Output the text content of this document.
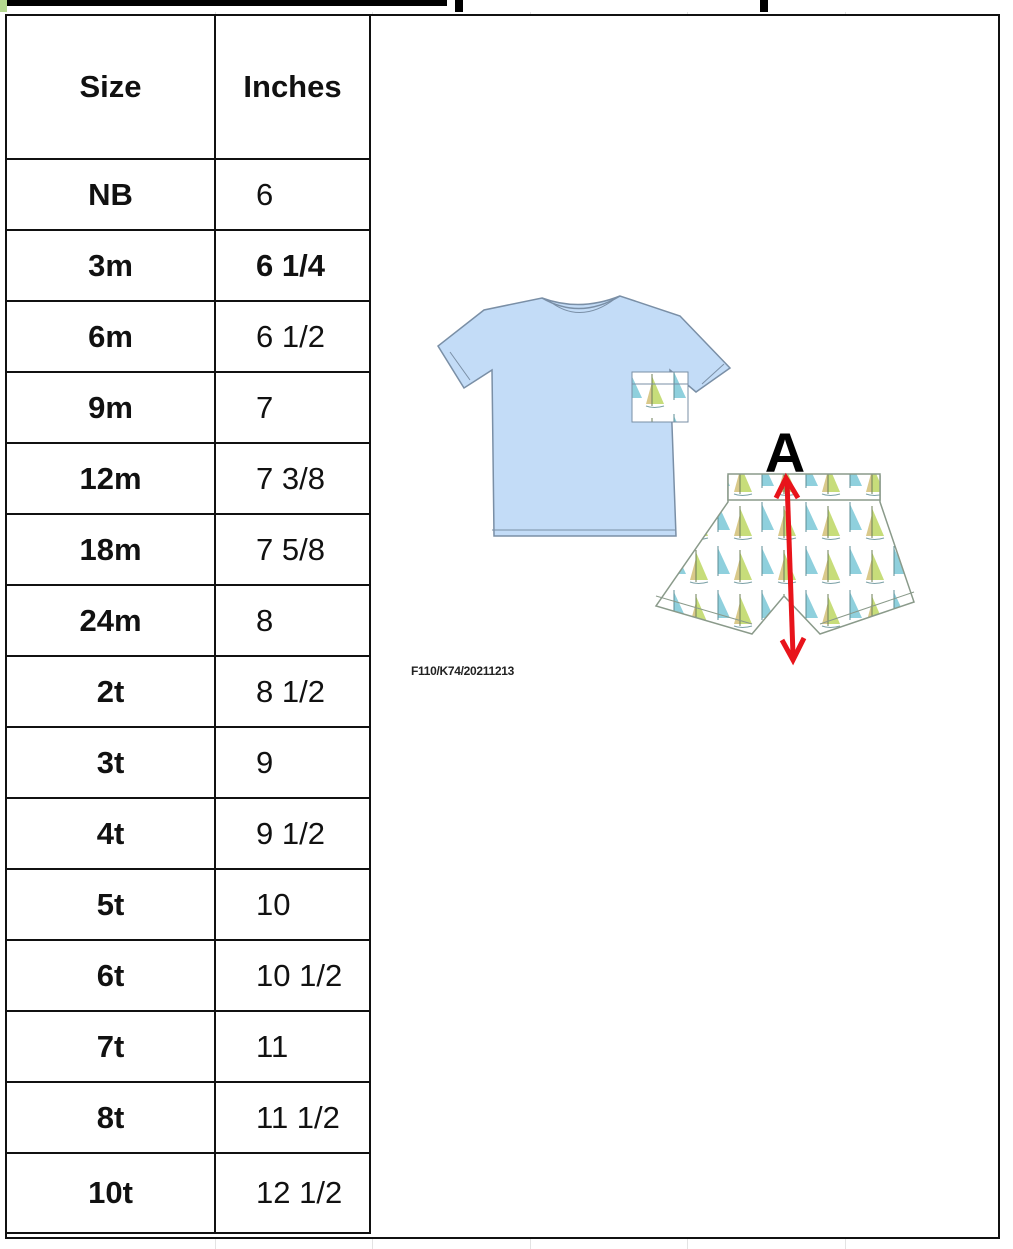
Size	Inches
NB	6
3m	6 1/4
6m	6 1/2
9m	7
12m	7 3/8
18m	7 5/8
24m	8
2t	8 1/2
3t	9
4t	9 1/2
5t	10
6t	10 1/2
7t	11
8t	11 1/2
10t	12 1/2
A
F110/K74/20211213
